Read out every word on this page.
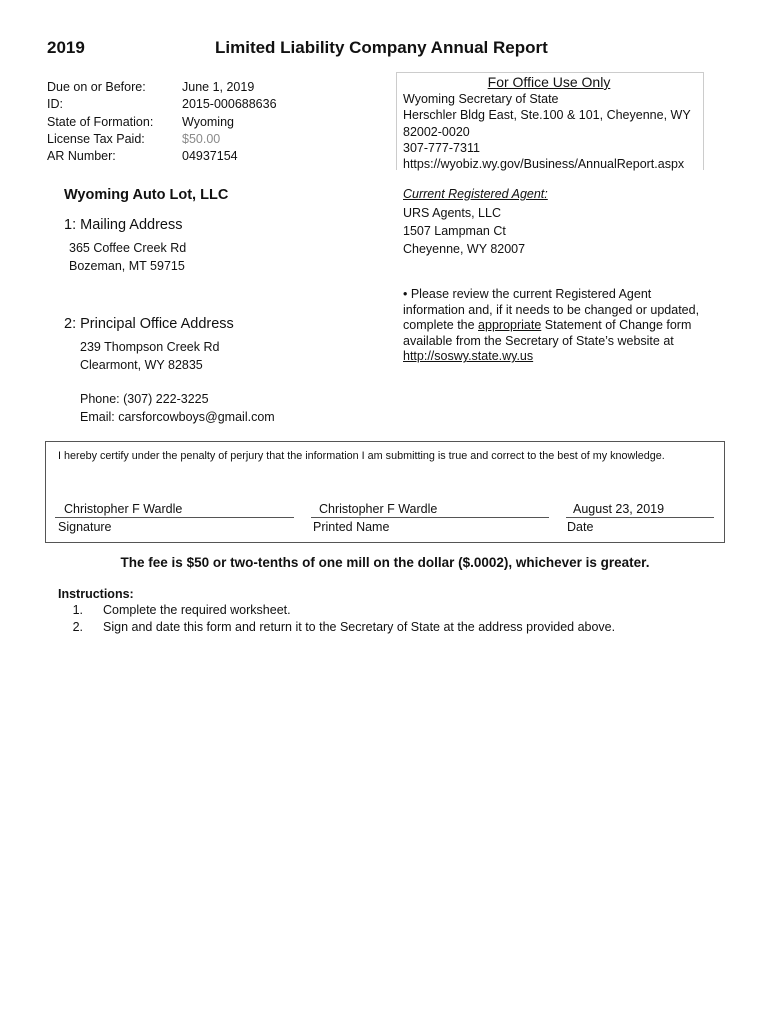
2019	Limited Liability Company Annual Report
Due on or Before:
ID:
State of Formation:
License Tax Paid:
AR Number:
June 1, 2019
2015-000688636
Wyoming
$50.00
04937154
For Office Use Only
Wyoming Secretary of State
Herschler Bldg East, Ste.100 & 101, Cheyenne, WY
82002-0020
307-777-7311
https://wyobiz.wy.gov/Business/AnnualReport.aspx
Wyoming Auto Lot, LLC
1: Mailing Address
365 Coffee Creek Rd
Bozeman, MT 59715
2: Principal Office Address
239 Thompson Creek Rd
Clearmont, WY 82835
Phone: (307) 222-3225
Email: carsforcowboys@gmail.com
Current Registered Agent:
URS Agents, LLC
1507 Lampman Ct
Cheyenne, WY 82007
• Please review the current Registered Agent information and, if it needs to be changed or updated, complete the appropriate Statement of Change form available from the Secretary of State’s website at http://soswy.state.wy.us
I hereby certify under the penalty of perjury that the information I am submitting is true and correct to the best of my knowledge.
Christopher F Wardle
Signature
Christopher F Wardle
Printed Name
August 23, 2019
Date
The fee is $50 or two-tenths of one mill on the dollar ($.0002), whichever is greater.
Instructions:
1. Complete the required worksheet.
2. Sign and date this form and return it to the Secretary of State at the address provided above.
